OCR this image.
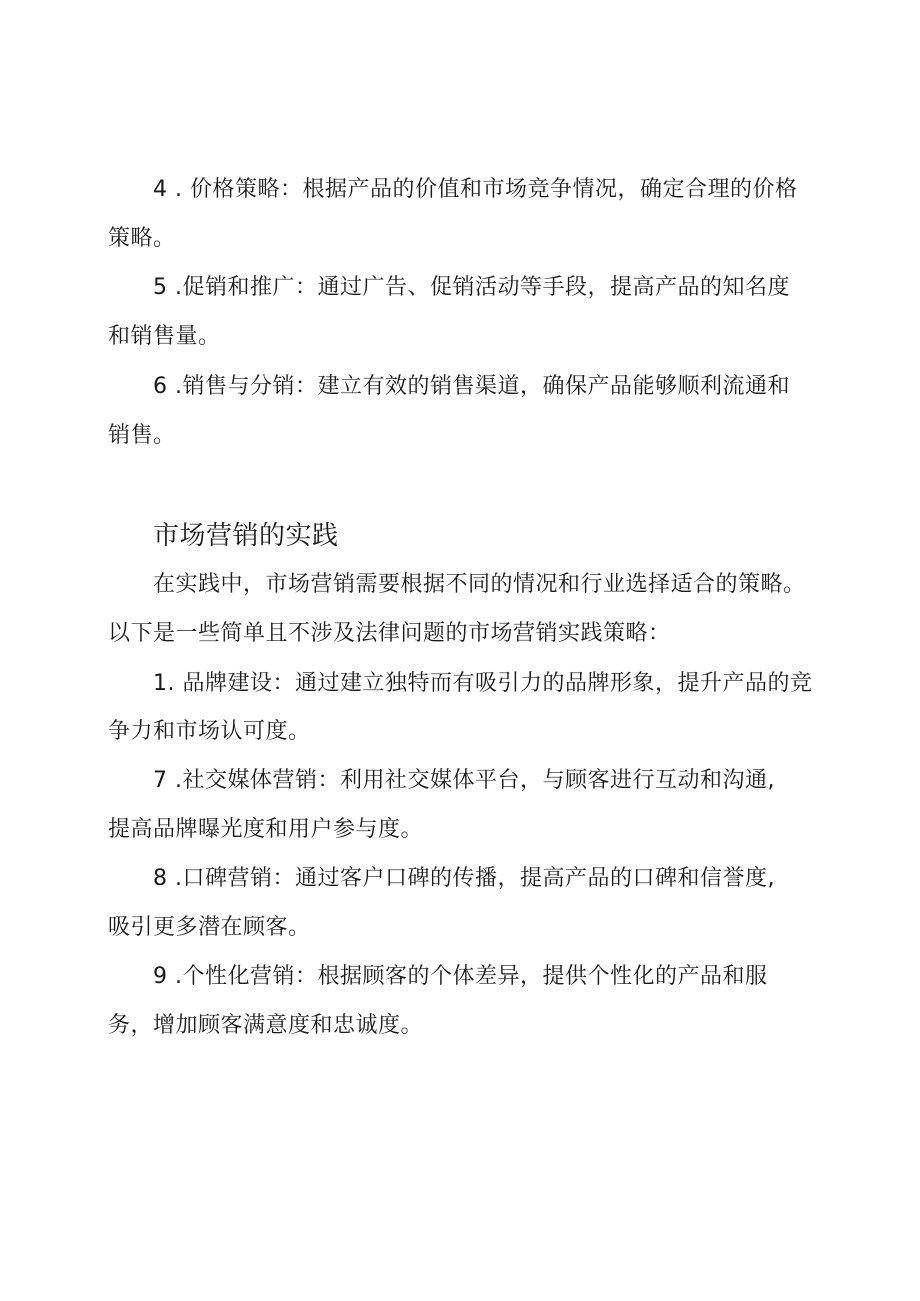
4 . 价格策略：根据产品的价值和市场竞争情况，确定合理的价格
策略。
5 .促销和推广：通过广告、促销活动等手段，提高产品的知名度
和销售量。
6 .销售与分销：建立有效的销售渠道，确保产品能够顺利流通和
销售。
市场营销的实践
在实践中，市场营销需要根据不同的情况和行业选择适合的策略。
以下是一些简单且不涉及法律问题的市场营销实践策略：
1. 品牌建设：通过建立独特而有吸引力的品牌形象，提升产品的竞
争力和市场认可度。
7 .社交媒体营销：利用社交媒体平台，与顾客进行互动和沟通,
提高品牌曝光度和用户参与度。
8 .口碑营销：通过客户口碑的传播，提高产品的口碑和信誉度,
吸引更多潜在顾客。
9 .个性化营销：根据顾客的个体差异，提供个性化的产品和服
务，增加顾客满意度和忠诚度。
